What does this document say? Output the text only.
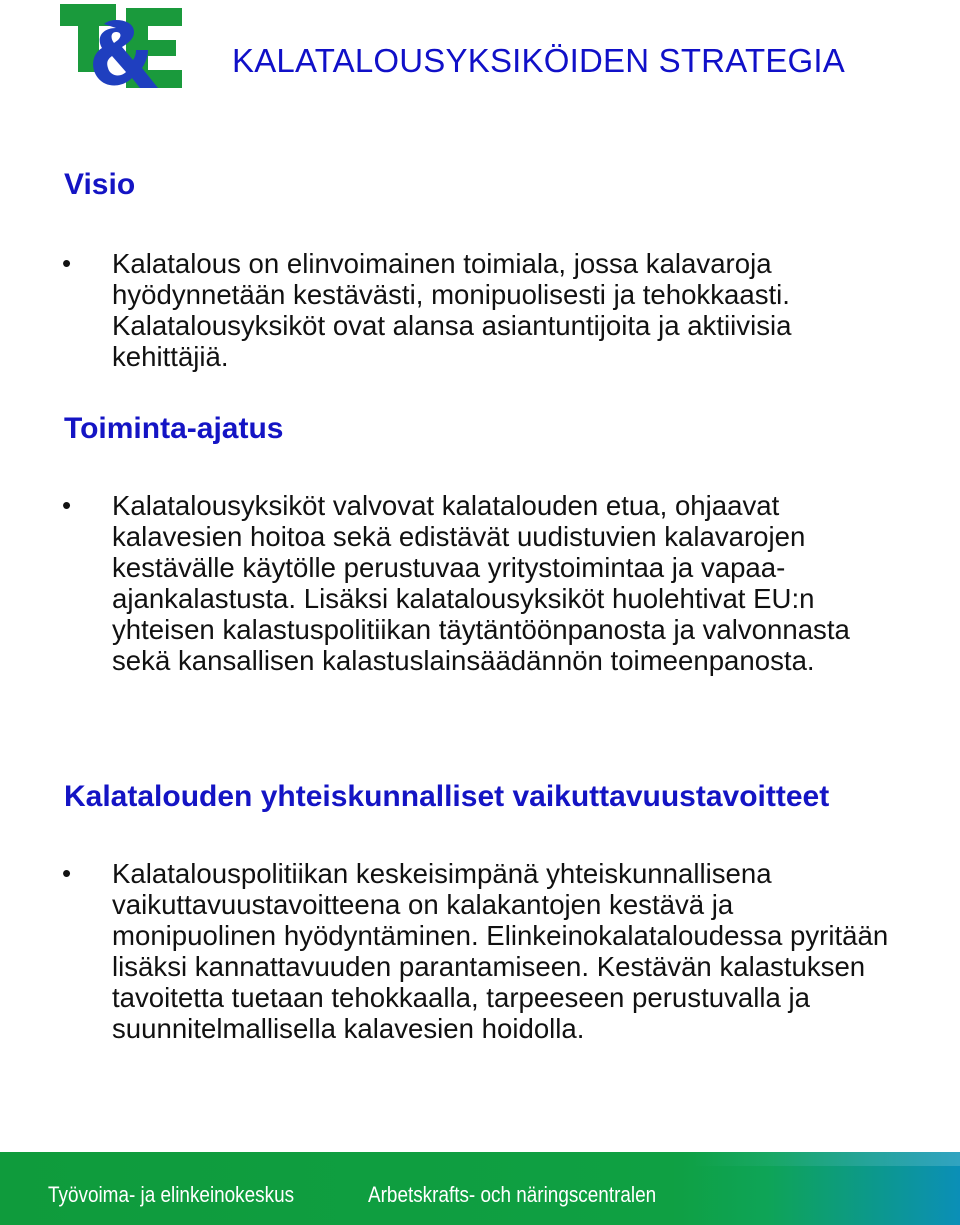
KALATALOUSYKSIKÖIDEN STRATEGIA
Visio
• Kalatalous on elinvoimainen toimiala, jossa kalavaroja hyödynnetään kestävästi, monipuolisesti ja tehokkaasti. Kalatalousyksiköt ovat alansa asiantuntijoita ja aktiivisia kehittäjiä.

Toiminta-ajatus
• Kalatalousyksiköt valvovat kalatalouden etua, ohjaavat kalavesien hoitoa sekä edistävät uudistuvien kalavarojen kestävälle käytölle perustuvaa yritystoimintaa ja vapaa-ajankalastusta. Lisäksi kalatalousyksiköt huolehtivat EU:n yhteisen kalastuspolitiikan täytäntöönpanosta ja valvonnasta sekä kansallisen kalastuslainsäädännön toimeenpanosta.

Kalatalouden yhteiskunnalliset vaikuttavuustavoitteet
• Kalatalouspolitiikan keskeisimpänä yhteiskunnallisena vaikuttavuustavoitteena on kalakantojen kestävä ja monipuolinen hyödyntäminen. Elinkeinokalataloudessa pyritään lisäksi kannattavuuden parantamiseen. Kestävän kalastuksen tavoitetta tuetaan tehokkaalla, tarpeeseen perustuvalla ja suunnitelmallisella kalavesien hoidolla.

Työvoima- ja elinkeinokeskus	Arbetskrafts- och näringscentralen
